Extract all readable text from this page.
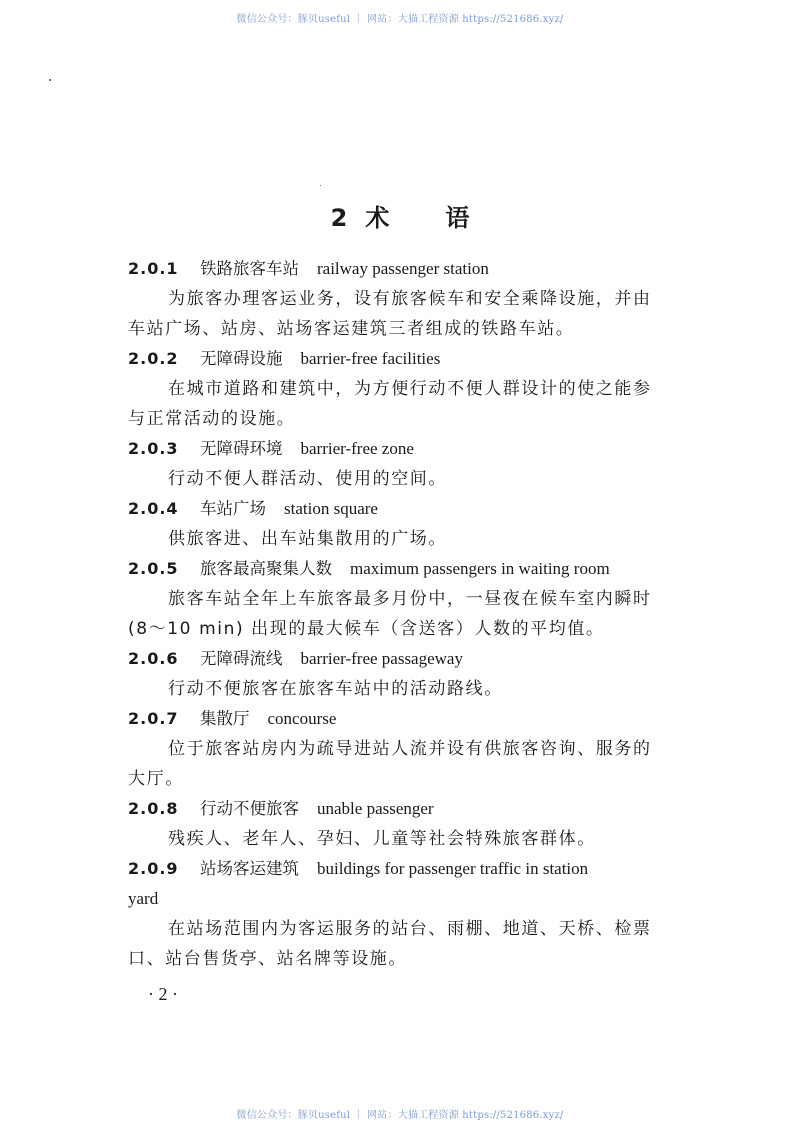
微信公众号：豚贝useful ｜ 网站：大猫工程资源 https://521686.xyz/
2 术 语
2.0.1 铁路旅客车站 railway passenger station
为旅客办理客运业务，设有旅客候车和安全乘降设施，并由
车站广场、站房、站场客运建筑三者组成的铁路车站。
2.0.2 无障碍设施 barrier-free facilities
在城市道路和建筑中，为方便行动不便人群设计的使之能参
与正常活动的设施。
2.0.3 无障碍环境 barrier-free zone
行动不便人群活动、使用的空间。
2.0.4 车站广场 station square
供旅客进、出车站集散用的广场。
2.0.5 旅客最高聚集人数 maximum passengers in waiting room
旅客车站全年上车旅客最多月份中，一昼夜在候车室内瞬时
(8～10 min) 出现的最大候车（含送客）人数的平均值。
2.0.6 无障碍流线 barrier-free passageway
行动不便旅客在旅客车站中的活动路线。
2.0.7 集散厅 concourse
位于旅客站房内为疏导进站人流并设有供旅客咨询、服务的
大厅。
2.0.8 行动不便旅客 unable passenger
残疾人、老年人、孕妇、儿童等社会特殊旅客群体。
2.0.9 站场客运建筑 buildings for passenger traffic in station
yard
在站场范围内为客运服务的站台、雨棚、地道、天桥、检票
口、站台售货亭、站名牌等设施。
· 2 ·
微信公众号：豚贝useful ｜ 网站：大猫工程资源 https://521686.xyz/
